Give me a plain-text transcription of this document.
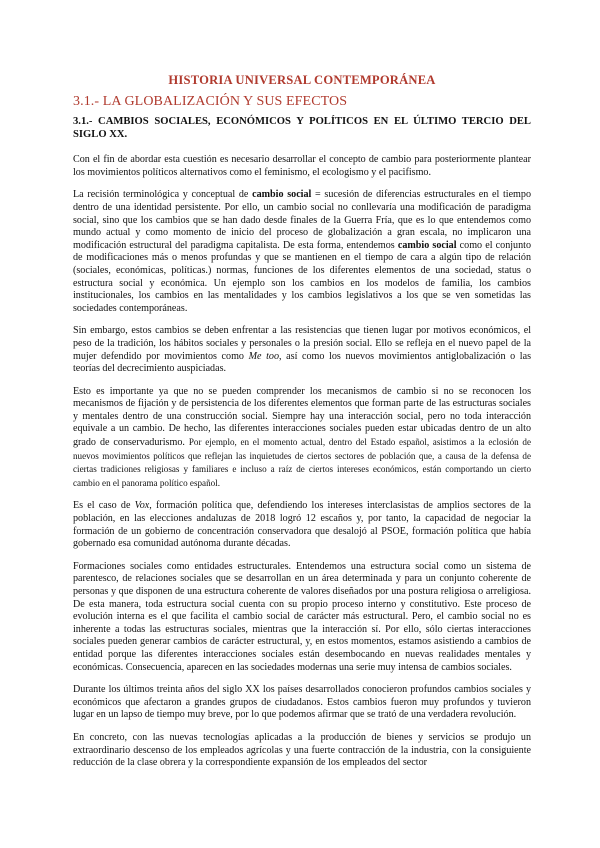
HISTORIA UNIVERSAL CONTEMPORÁNEA
3.1.- LA GLOBALIZACIÓN Y SUS EFECTOS
3.1.- CAMBIOS SOCIALES, ECONÓMICOS Y POLÍTICOS EN EL ÚLTIMO TERCIO DEL SIGLO XX.

Con el fin de abordar esta cuestión es necesario desarrollar el concepto de cambio para posteriormente plantear los movimientos políticos alternativos como el feminismo, el ecologismo y el pacifismo.

La recisión terminológica y conceptual de cambio social = sucesión de diferencias estructurales en el tiempo dentro de una identidad persistente. Por ello, un cambio social no conllevaría una modificación de paradigma social, sino que los cambios que se han dado desde finales de la Guerra Fría, que es lo que entendemos como mundo actual y como momento de inicio del proceso de globalización a gran escala, no implicaron una modificación estructural del paradigma capitalista. De esta forma, entendemos cambio social como el conjunto de modificaciones más o menos profundas y que se mantienen en el tiempo de cara a algún tipo de relación (sociales, económicas, políticas.) normas, funciones de los diferentes elementos de una sociedad, status o estructura social y económica. Un ejemplo son los cambios en los modelos de familia, los cambios institucionales, los cambios en las mentalidades y los cambios legislativos a los que se ven sometidas las sociedades contemporáneas.

Sin embargo, estos cambios se deben enfrentar a las resistencias que tienen lugar por motivos económicos, el peso de la tradición, los hábitos sociales y personales o la presión social. Ello se refleja en el nuevo papel de la mujer defendido por movimientos como Me too, así como los nuevos movimientos antiglobalización o las teorías del decrecimiento auspiciadas.

Esto es importante ya que no se pueden comprender los mecanismos de cambio si no se reconocen los mecanismos de fijación y de persistencia de los diferentes elementos que forman parte de las estructuras sociales y mentales dentro de una construcción social. Siempre hay una interacción social, pero no toda interacción equivale a un cambio. De hecho, las diferentes interacciones sociales pueden estar ubicadas dentro de un alto grado de conservadurismo. Por ejemplo, en el momento actual, dentro del Estado español, asistimos a la eclosión de nuevos movimientos políticos que reflejan las inquietudes de ciertos sectores de población que, a causa de la defensa de ciertas tradiciones religiosas y familiares e incluso a raíz de ciertos intereses económicos, están comportando un cierto cambio en el panorama político español.

Es el caso de Vox, formación política que, defendiendo los intereses interclasistas de amplios sectores de la población, en las elecciones andaluzas de 2018 logró 12 escaños y, por tanto, la capacidad de negociar la formación de un gobierno de concentración conservadora que desalojó al PSOE, formación política que había gobernado esa comunidad autónoma durante décadas.

Formaciones sociales como entidades estructurales. Entendemos una estructura social como un sistema de parentesco, de relaciones sociales que se desarrollan en un área determinada y para un conjunto coherente de personas y que disponen de una estructura coherente de valores diseñados por una postura religiosa o arreligiosa. De esta manera, toda estructura social cuenta con su propio proceso interno y constitutivo. Este proceso de evolución interna es el que facilita el cambio social de carácter más estructural. Pero, el cambio social no es inherente a todas las estructuras sociales, mientras que la interacción sí. Por ello, sólo ciertas interacciones sociales pueden generar cambios de carácter estructural, y, en estos momentos, estamos asistiendo a cambios de entidad porque las diferentes interacciones sociales están desembocando en nuevas realidades mentales y económicas. Consecuencia, aparecen en las sociedades modernas una serie muy intensa de cambios sociales.

Durante los últimos treinta años del siglo XX los países desarrollados conocieron profundos cambios sociales y económicos que afectaron a grandes grupos de ciudadanos. Estos cambios fueron muy profundos y tuvieron lugar en un lapso de tiempo muy breve, por lo que podemos afirmar que se trató de una verdadera revolución.

En concreto, con las nuevas tecnologías aplicadas a la producción de bienes y servicios se produjo un extraordinario descenso de los empleados agrícolas y una fuerte contracción de la industria, con la consiguiente reducción de la clase obrera y la correspondiente expansión de los empleados del sector
